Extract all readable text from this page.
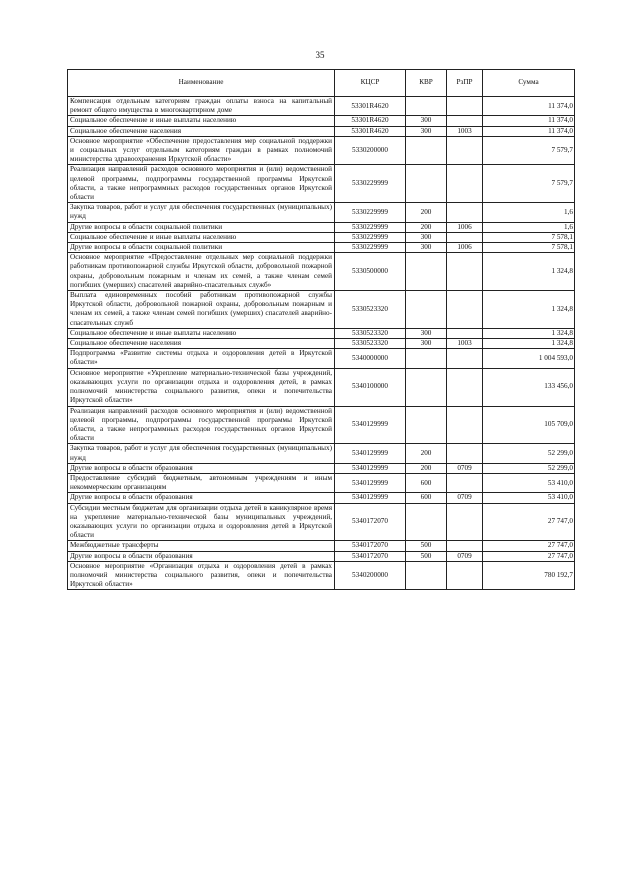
35
Наименование	КЦСР	КВР	РзПР	Сумма
Компенсация отдельным категориям граждан оплаты взноса на капитальный ремонт общего имущества в многоквартирном доме	53301R4620			11 374,0
Социальное обеспечение и иные выплаты населению	53301R4620	300		11 374,0
Социальное обеспечение населения	53301R4620	300	1003	11 374,0
Основное мероприятие «Обеспечение предоставления мер социальной поддержки и социальных услуг отдельным категориям граждан в рамках полномочий министерства здравоохранения Иркутской области»	5330200000			7 579,7
Реализация направлений расходов основного мероприятия и (или) ведомственной целевой программы, подпрограммы государственной программы Иркутской области, а также непрограммных расходов государственных органов Иркутской области	5330229999			7 579,7
Закупка товаров, работ и услуг для обеспечения государственных (муниципальных) нужд	5330229999	200		1,6
Другие вопросы в области социальной политики	5330229999	200	1006	1,6
Социальное обеспечение и иные выплаты населению	5330229999	300		7 578,1
Другие вопросы в области социальной политики	5330229999	300	1006	7 578,1
Основное мероприятие «Предоставление отдельных мер социальной поддержки работникам противопожарной службы Иркутской области, добровольной пожарной охраны, добровольным пожарным и членам их семей, а также членам семей погибших (умерших) спасателей аварийно-спасательных служб»	5330500000			1 324,8
Выплата единовременных пособий работникам противопожарной службы Иркутской области, добровольной пожарной охраны, добровольным пожарным и членам их семей, а также членам семей погибших (умерших) спасателей аварийно-спасательных служб	5330523320			1 324,8
Социальное обеспечение и иные выплаты населению	5330523320	300		1 324,8
Социальное обеспечение населения	5330523320	300	1003	1 324,8
Подпрограмма «Развитие системы отдыха и оздоровления детей в Иркутской области»	5340000000			1 004 593,0
Основное мероприятие «Укрепление материально-технической базы учреждений, оказывающих услуги по организации отдыха и оздоровления детей, в рамках полномочий министерства социального развития, опеки и попечительства Иркутской области»	5340100000			133 456,0
Реализация направлений расходов основного мероприятия и (или) ведомственной целевой программы, подпрограммы государственной программы Иркутской области, а также непрограммных расходов государственных органов Иркутской области	5340129999			105 709,0
Закупка товаров, работ и услуг для обеспечения государственных (муниципальных) нужд	5340129999	200		52 299,0
Другие вопросы в области образования	5340129999	200	0709	52 299,0
Предоставление субсидий бюджетным, автономным учреждениям и иным некоммерческим организациям	5340129999	600		53 410,0
Другие вопросы в области образования	5340129999	600	0709	53 410,0
Субсидии местным бюджетам для организации отдыха детей в каникулярное время на укрепление материально-технической базы муниципальных учреждений, оказывающих услуги по организации отдыха и оздоровления детей в Иркутской области	5340172070			27 747,0
Межбюджетные трансферты	5340172070	500		27 747,0
Другие вопросы в области образования	5340172070	500	0709	27 747,0
Основное мероприятие «Организация отдыха и оздоровления детей в рамках полномочий министерства социального развития, опеки и попечительства Иркутской области»	5340200000			780 192,7
